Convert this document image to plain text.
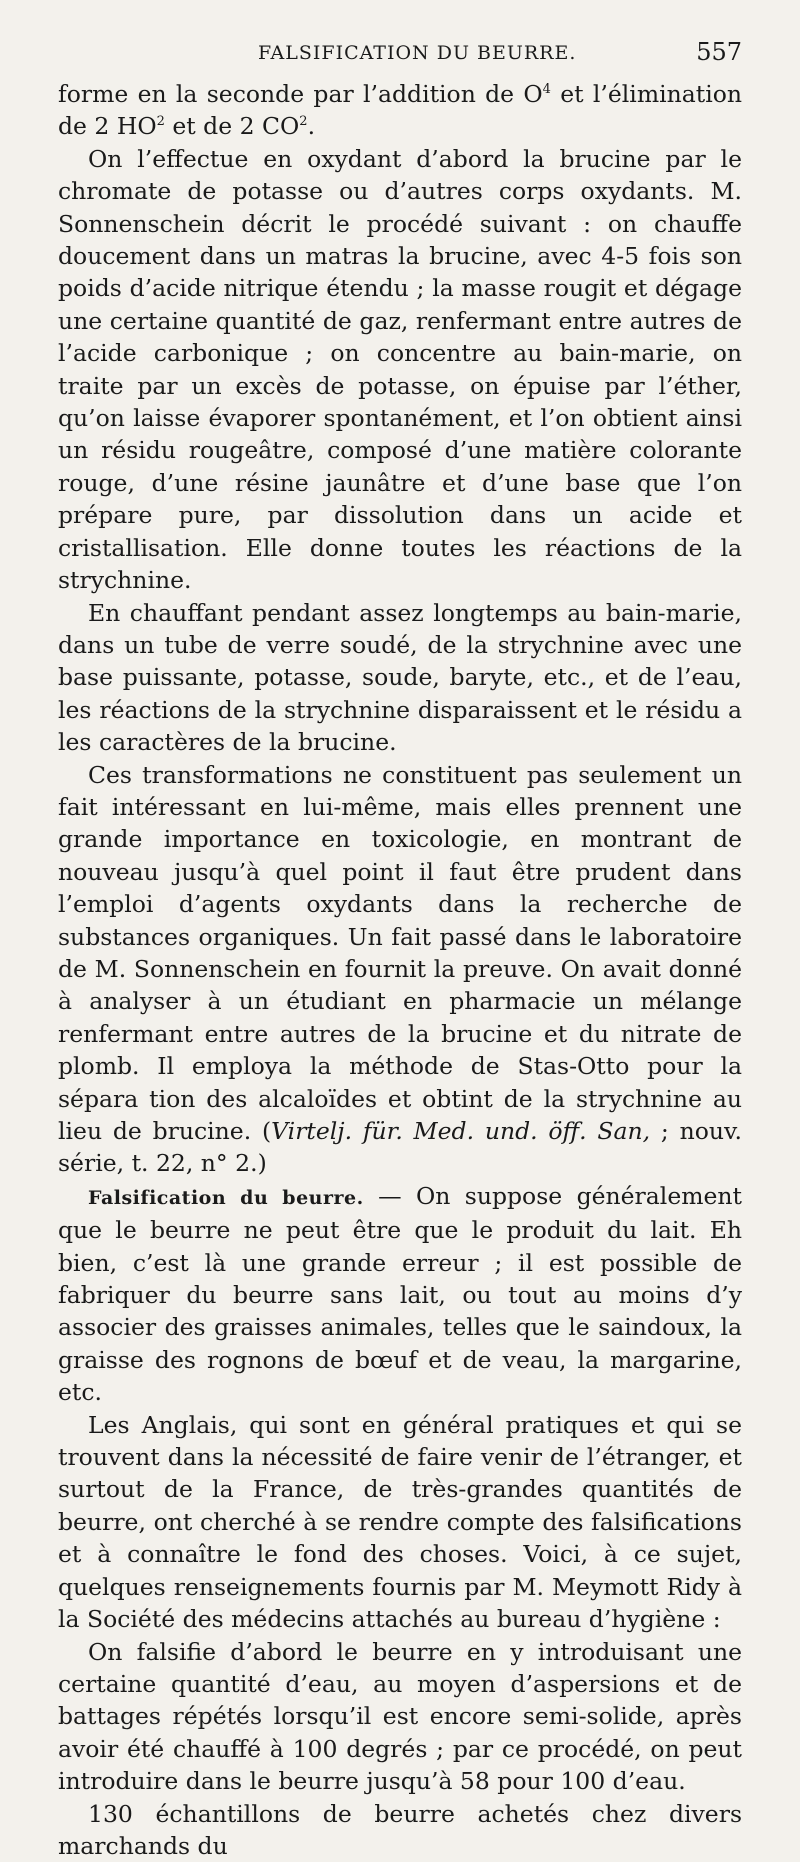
FALSIFICATION DU BEURRE.	557

forme en la seconde par l’addition de $O^4$ et l’élimination de 2 $HO^2$ et de 2 $CO^2$.

On l’effectue en oxydant d’abord la brucine par le chromate de potasse ou d’autres corps oxydants. M. Sonnenschein décrit le procédé suivant : on chauffe doucement dans un matras la brucine, avec 4-5 fois son poids d’acide nitrique étendu ; la masse rougit et dégage une certaine quantité de gaz, renfermant entre autres de l’acide carbonique ; on concentre au bain-marie, on traite par un excès de potasse, on épuise par l’éther, qu’on laisse évaporer spontanément, et l’on obtient ainsi un résidu rougeâtre, composé d’une matière colorante rouge, d’une résine jaunâtre et d’une base que l’on prépare pure, par dissolution dans un acide et cristallisation. Elle donne toutes les réactions de la strychnine.

En chauffant pendant assez longtemps au bain-marie, dans un tube de verre soudé, de la strychnine avec une base puissante, potasse, soude, baryte, etc., et de l’eau, les réactions de la strychnine disparaissent et le résidu a les caractères de la brucine.

Ces transformations ne constituent pas seulement un fait intéressant en lui-même, mais elles prennent une grande importance en toxicologie, en montrant de nouveau jusqu’à quel point il faut être prudent dans l’emploi d’agents oxydants dans la recherche de substances organiques. Un fait passé dans le laboratoire de M. Sonnenschein en fournit la preuve. On avait donné à analyser à un étudiant en pharmacie un mélange renfermant entre autres de la brucine et du nitrate de plomb. Il employa la méthode de Stas-Otto pour la sépara tion des alcaloïdes et obtint de la strychnine au lieu de brucine. (Virtelj. für. Med. und. öff. San, ; nouv. série, t. 22, n° 2.)

Falsification du beurre. — On suppose généralement que le beurre ne peut être que le produit du lait. Eh bien, c’est là une grande erreur ; il est possible de fabriquer du beurre sans lait, ou tout au moins d’y associer des graisses animales, telles que le saindoux, la graisse des rognons de bœuf et de veau, la margarine, etc.

Les Anglais, qui sont en général pratiques et qui se trouvent dans la nécessité de faire venir de l’étranger, et surtout de la France, de très-grandes quantités de beurre, ont cherché à se rendre compte des falsifications et à connaître le fond des choses. Voici, à ce sujet, quelques renseignements fournis par M. Meymott Ridy à la Société des médecins attachés au bureau d’hygiène :

On falsifie d’abord le beurre en y introduisant une certaine quantité d’eau, au moyen d’aspersions et de battages répétés lorsqu’il est encore semi-solide, après avoir été chauffé à 100 degrés ; par ce procédé, on peut introduire dans le beurre jusqu’à 58 pour 100 d’eau.

130 échantillons de beurre achetés chez divers marchands du
